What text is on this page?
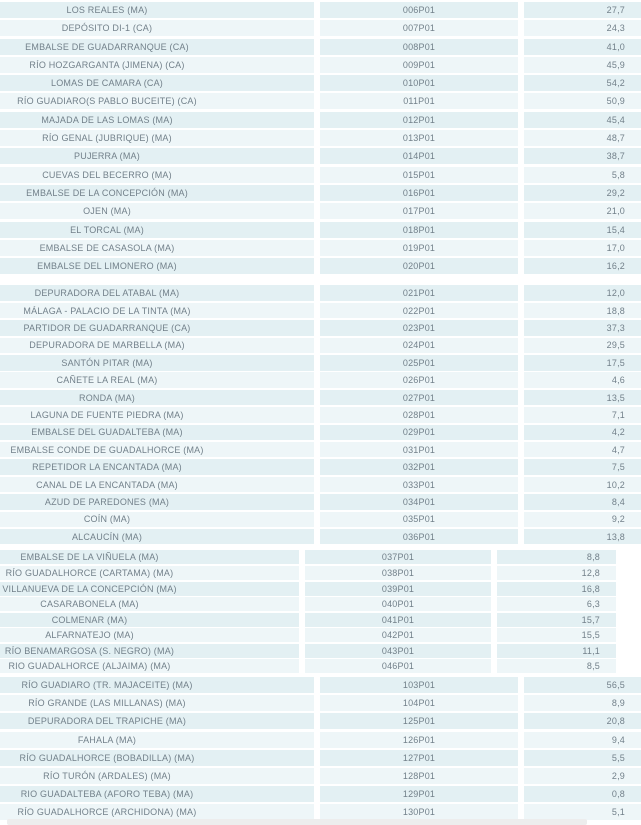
LOS REALES (MA)	006P01	27,7
DEPÓSITO DI-1 (CA)	007P01	24,3
EMBALSE DE GUADARRANQUE (CA)	008P01	41,0
RÍO HOZGARGANTA (JIMENA) (CA)	009P01	45,9
LOMAS DE CAMARA (CA)	010P01	54,2
RÍO GUADIARO(S PABLO BUCEITE) (CA)	011P01	50,9
MAJADA DE LAS LOMAS (MA)	012P01	45,4
RÍO GENAL (JUBRIQUE) (MA)	013P01	48,7
PUJERRA (MA)	014P01	38,7
CUEVAS DEL BECERRO (MA)	015P01	5,8
EMBALSE DE LA CONCEPCIÓN (MA)	016P01	29,2
OJEN (MA)	017P01	21,0
EL TORCAL (MA)	018P01	15,4
EMBALSE DE CASASOLA (MA)	019P01	17,0
EMBALSE DEL LIMONERO (MA)	020P01	16,2
DEPURADORA DEL ATABAL (MA)	021P01	12,0
MÁLAGA - PALACIO DE LA TINTA (MA)	022P01	18,8
PARTIDOR DE GUADARRANQUE (CA)	023P01	37,3
DEPURADORA DE MARBELLA (MA)	024P01	29,5
SANTÓN PITAR (MA)	025P01	17,5
CAÑETE LA REAL (MA)	026P01	4,6
RONDA (MA)	027P01	13,5
LAGUNA DE FUENTE PIEDRA (MA)	028P01	7,1
EMBALSE DEL GUADALTEBA (MA)	029P01	4,2
EMBALSE CONDE DE GUADALHORCE (MA)	031P01	4,7
REPETIDOR LA ENCANTADA (MA)	032P01	7,5
CANAL DE LA ENCANTADA (MA)	033P01	10,2
AZUD DE PAREDONES (MA)	034P01	8,4
COÍN (MA)	035P01	9,2
ALCAUCÍN (MA)	036P01	13,8
EMBALSE DE LA VIÑUELA (MA)	037P01	8,8
RÍO GUADALHORCE (CARTAMA) (MA)	038P01	12,8
VILLANUEVA DE LA CONCEPCIÓN (MA)	039P01	16,8
CASARABONELA (MA)	040P01	6,3
COLMENAR (MA)	041P01	15,7
ALFARNATEJO (MA)	042P01	15,5
RÍO BENAMARGOSA (S. NEGRO) (MA)	043P01	11,1
RIO GUADALHORCE (ALJAIMA) (MA)	046P01	8,5
RÍO GUADIARO (TR. MAJACEITE) (MA)	103P01	56,5
RÍO GRANDE (LAS MILLANAS) (MA)	104P01	8,9
DEPURADORA DEL TRAPICHE (MA)	125P01	20,8
FAHALA (MA)	126P01	9,4
RÍO GUADALHORCE (BOBADILLA) (MA)	127P01	5,5
RÍO TURÓN (ARDALES) (MA)	128P01	2,9
RIO GUADALTEBA (AFORO TEBA) (MA)	129P01	0,8
RÍO GUADALHORCE (ARCHIDONA) (MA)	130P01	5,1
